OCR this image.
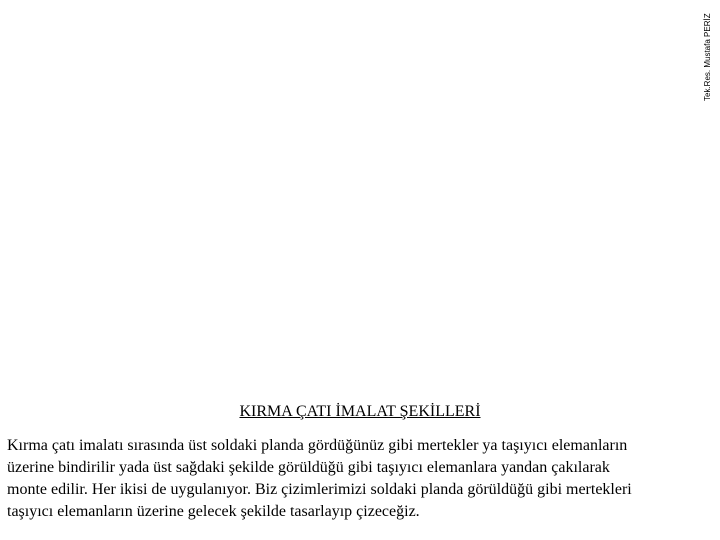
Tek.Res. Mustafa PERİZ
KIRMA ÇATI İMALAT ŞEKİLLERİ

Kırma çatı imalatı sırasında üst soldaki planda gördüğünüz gibi mertekler ya taşıyıcı elemanların
üzerine bindirilir yada üst sağdaki şekilde görüldüğü gibi taşıyıcı elemanlara yandan çakılarak
monte edilir. Her ikisi de uygulanıyor. Biz çizimlerimizi soldaki planda görüldüğü gibi mertekleri
taşıyıcı elemanların üzerine gelecek şekilde tasarlayıp çizeceğiz.
